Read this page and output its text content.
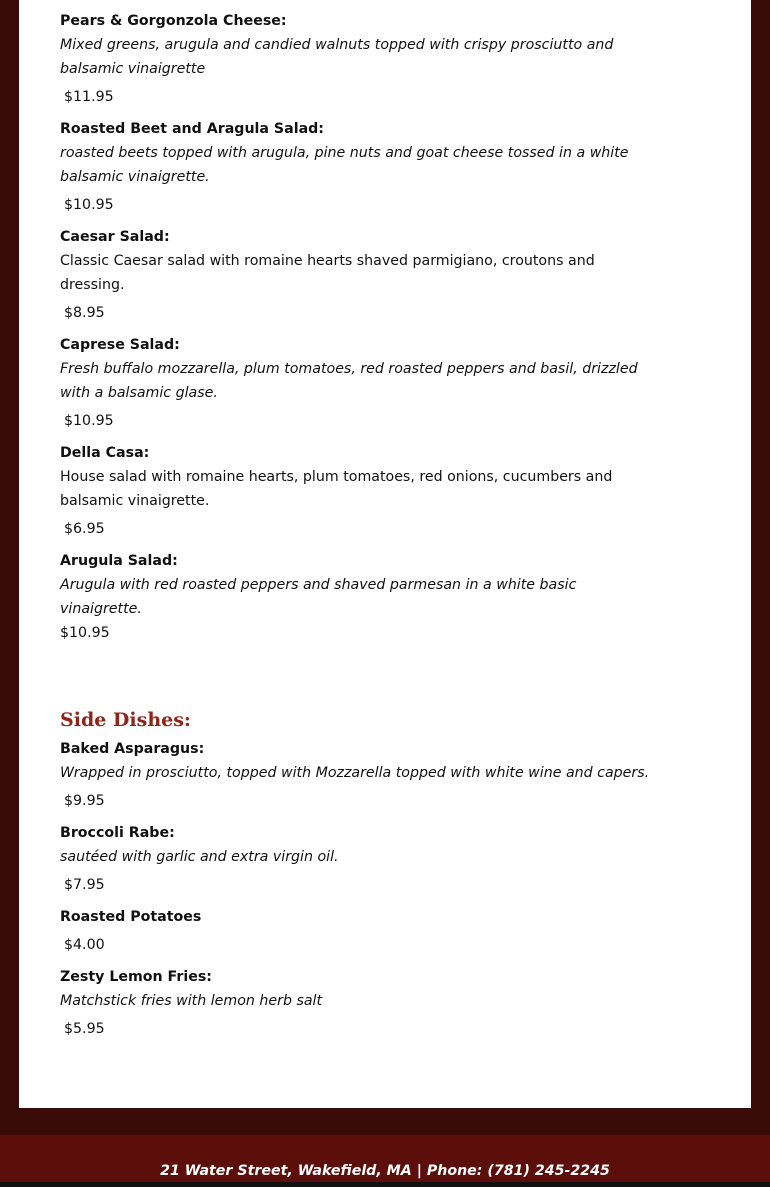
Pears & Gorgonzola Cheese:
Mixed greens, arugula and candied walnuts topped with crispy prosciutto and balsamic vinaigrette
$11.95
Roasted Beet and Aragula Salad:
roasted beets topped with arugula, pine nuts and goat cheese tossed in a white balsamic vinaigrette.
$10.95
Caesar Salad:
Classic Caesar salad with romaine hearts shaved parmigiano, croutons and dressing.
$8.95
Caprese Salad:
Fresh buffalo mozzarella, plum tomatoes, red roasted peppers and basil, drizzled with a balsamic glase.
$10.95
Della Casa:
House salad with romaine hearts, plum tomatoes, red onions, cucumbers and balsamic vinaigrette.
$6.95
Arugula Salad:
Arugula with red roasted peppers and shaved parmesan in a white basic vinaigrette.
$10.95
Side Dishes:
Baked Asparagus:
Wrapped in prosciutto, topped with Mozzarella topped with white wine and capers.
$9.95
Broccoli Rabe:
sautéed with garlic and extra virgin oil.
$7.95
Roasted Potatoes
$4.00
Zesty Lemon Fries:
Matchstick fries with lemon herb salt
$5.95
21 Water Street, Wakefield, MA | Phone: (781) 245-2245
